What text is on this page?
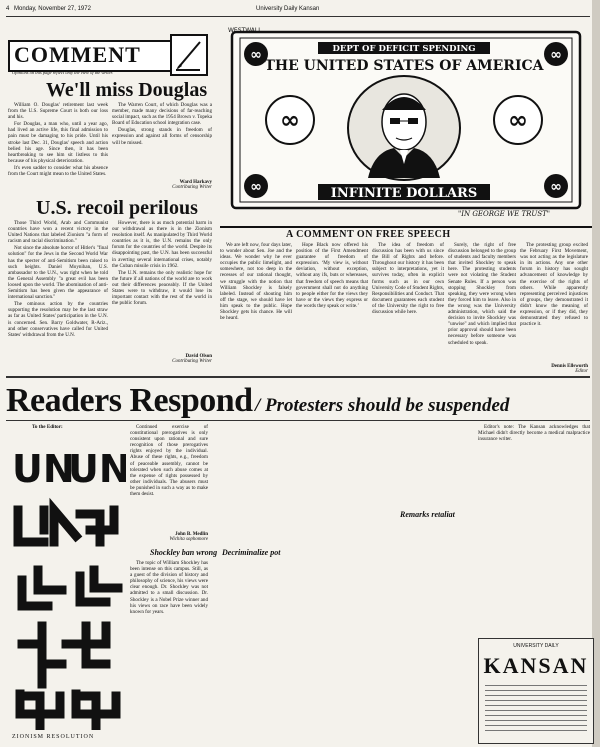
4 Monday, November 27, 1972	University Daily Kansan
COMMENT
Opinions on this page reflect only the view of the writer.
We'll miss Douglas

William O. Douglas' retirement last week from the U.S. Supreme Court is both our loss and his.

For Douglas, a man who, until a year ago, had lived an active life, this final admission to pain must be damaging to his pride. Until his stroke last Dec. 31, Douglas' speech and action belied his age. Since then, it has been heartbreaking to see him sit listless to this because of his physical deterioration.

It's even sadder to consider what his absence from the Court might mean to the United States.

The Warren Court, of which Douglas was a member, made many decisions of far-reaching social impact, such as the 1954 Brown v. Topeka Board of Education school integration case.

Douglas, strong stands in freedom of expression and against all forms of censorship will be missed.

Ward Harkavy
Contributing Writer
U.S. recoil perilous

Those Third World, Arab and Communist countries have won a recent victory in the United Nations that labeled Zionism "a form of racism and racial discrimination."

Not since the absolute horror of Hitler's "final solution" for the Jews in the Second World War has the specter of anti-Semitism been raised to such heights. Daniel Moynihan, U.S. ambassador to the U.N., was right when he told the General Assembly "a great evil has been loosed upon the world. The abomination of anti-Semitism has been given the appearance of international sanction."

The ominous action by the countries supporting the resolution may be the last straw as far as United States' participation in the U.N. is concerned. Sen. Barry Goldwater, R-Ariz., and other conservatives have called for United States' withdrawal from the U.N.

However, there is as much potential harm in our withdrawal as there is in the Zionism resolution itself. As manipulated by Third World countries as it is, the U.N. remains the only forum for the countries of the world. Despite its disappointing past, the U.N. has been successful in averting several international crises, notably the Cuban missile crisis in 1962.

The U.N. remains the only realistic hope for the future if all nations of the world are to work out their differences peaceably. If the United States were to withdraw, it would lose its important contact with the rest of the world in the public forum.

David Olson
Contributing Writer
∞	∞
∞	∞
∞	∞
DEPT OF DEFICIT SPENDING
THE UNITED STATES OF AMERICA
INFINITE DOLLARS
"IN GEORGE WE TRUST"
WESTWALL
A COMMENT ON FREE SPEECH

We are left now, four days later, to wonder about Sen. Joe and the ideas. We wonder why he ever occupies the public limelight, and somewhere, not too deep in the recesses of our rational thought, we struggle with the notion that William Shockley is falsely labeled. Instead of shouting him off the stage, we should have let him speak to the public. Hope Shockley gets his chance. He will be heard.

Hope Black now offered his position of the First Amendment guarantee of freedom of expression. ‘My view is, without deviation, without exception, without any ifs, buts or whereases, that freedom of speech means that government shall not do anything to people either for the views they have or the views they express or the words they speak or write.’

The idea of freedom of discussion has been with us since the Bill of Rights and before. Throughout our history it has been subject to interpretations, yet it survives today, often in explicit forms such as in our own University Code of Student Rights, Responsibilities and Conduct. That document guarantees each student of the University the right to free discussion while here.

Surely, the right of free discussion belonged to the group of students and faculty members that invited Shockley to speak here. The protesting students were not violating the Student Senate Rules. If a person was stopping Shockley from speaking, they were wrong when they forced him to leave. Also in the wrong was the University administration, which said the decision to invite Shockley was "unwise" and which implied that prior approval should have been necessary before someone was scheduled to speak.

The protesting group excited the February First Movement, was not acting as the legislature in its actions. Any one other forum in history has sought advancement of knowledge by the exercise of the rights of others. While apparently representing perceived injustices of groups, they demonstrated it didn't know the meaning of expression, or if they did, they demonstrated they refused to practice it.

Dennis Ellsworth
Editor
Readers Respond / Protesters should be suspended
UN
UN
ZIONISM RESOLUTION
To the Editor:	Continued exercise of constitutional prerogatives is only consistent upon rational and sure recognition of those prerogatives rights enjoyed by the individual. Abuse of these rights, e.g., freedom of peaceable assembly, cannot be tolerated when such abuse comes at the expense of rights possessed by other individuals. The abusers must be punished in such a way as to make them desist.

John B. Medlin
Wichita sophomore
Shockley ban wrong

The topic of William Shockley has been intense on this campus. Still, as a guest of the division of history and philosophy of science, his views were clear enough. Dr. Shockley was not admitted to a small discussion. Dr. Shockley is a Nobel Prize winner and his views on race have been widely known for years.

Decriminalize pot
Remarks retaliat

Editor's note: The Kansan acknowledges that Michael didn't directly become a medical malpractice insurance writer.

UNIVERSITY DAILY
KANSAN
